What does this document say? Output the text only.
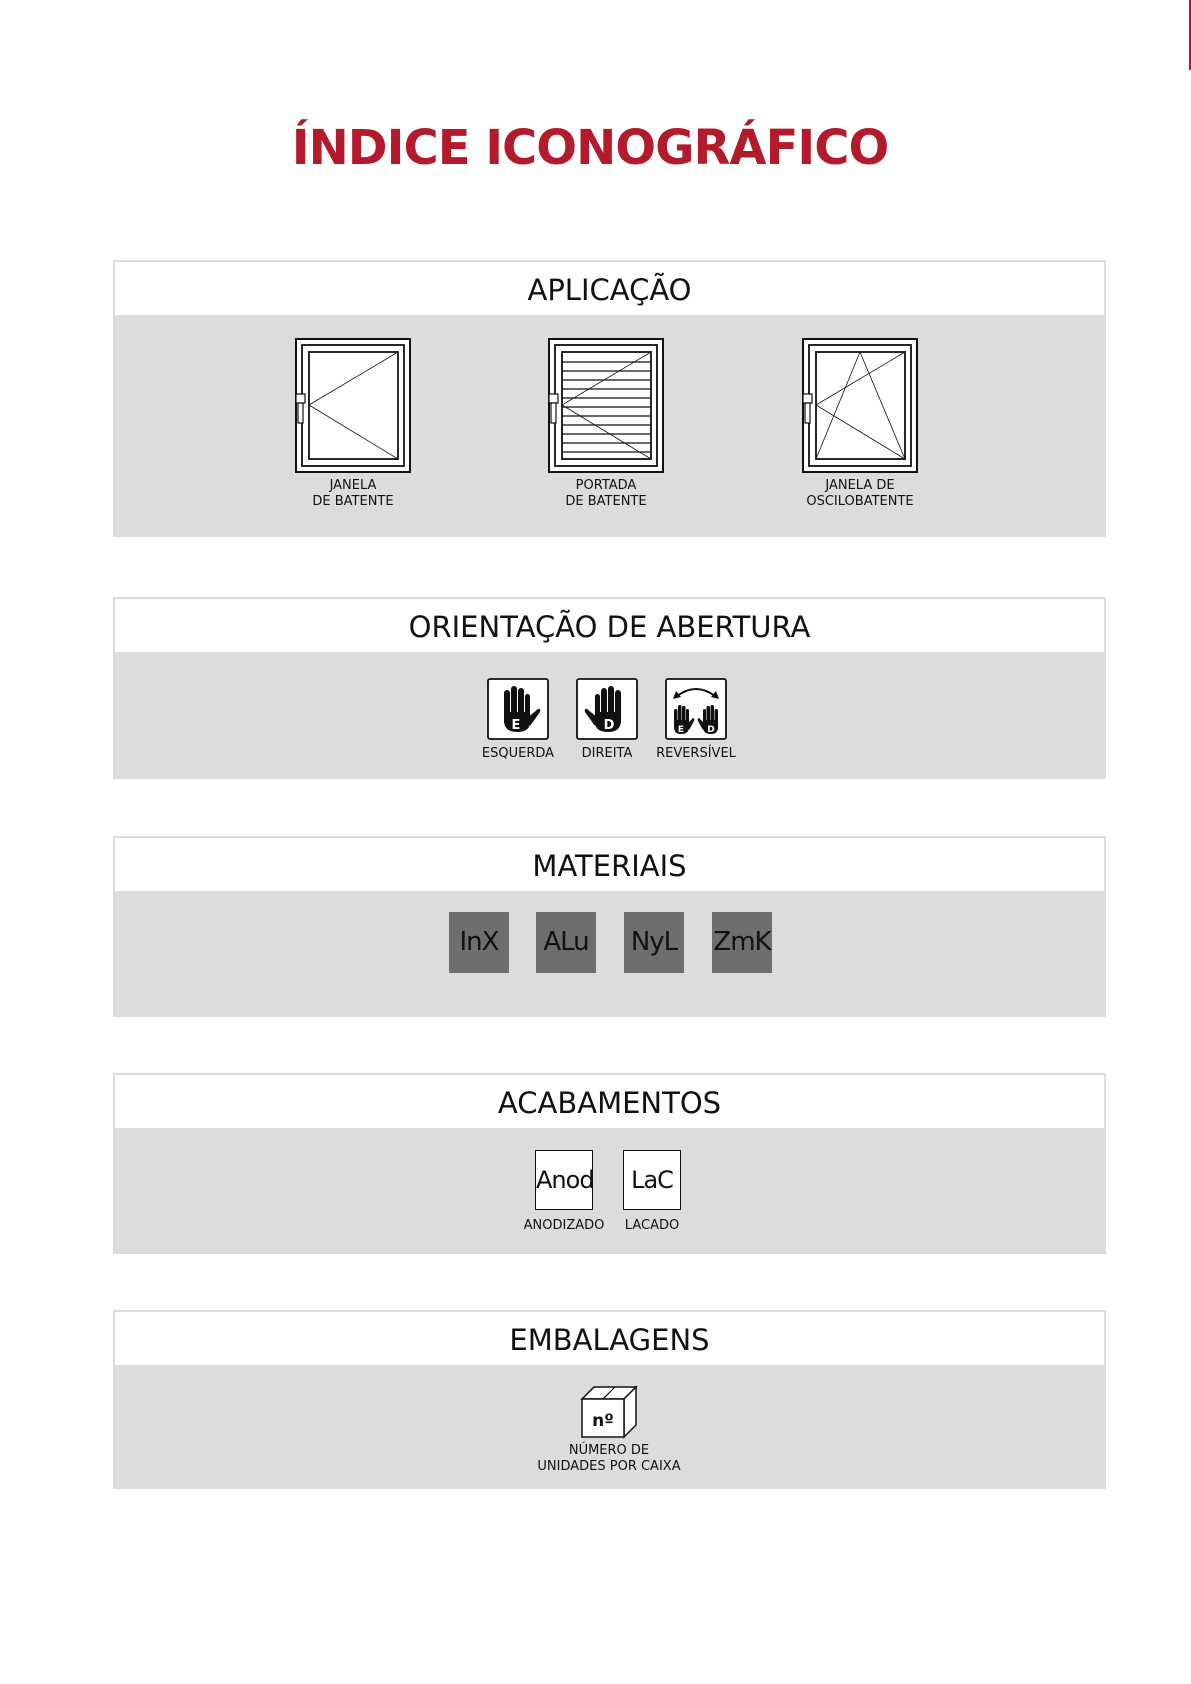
ÍNDICE ICONOGRÁFICO
APLICAÇÃO
JANELA
DE BATENTE
PORTADA
DE BATENTE
JANELA DE
OSCILOBATENTE
ORIENTAÇÃO DE ABERTURA
E
ESQUERDA
D
DIREITA
E	D
REVERSÍVEL
MATERIAIS
InX	ALu NyL ZmK
ACABAMENTOS
Anod
ANODIZADO
LaC
LACADO
EMBALAGENS
nº
NÚMERO DE
UNIDADES POR CAIXA
